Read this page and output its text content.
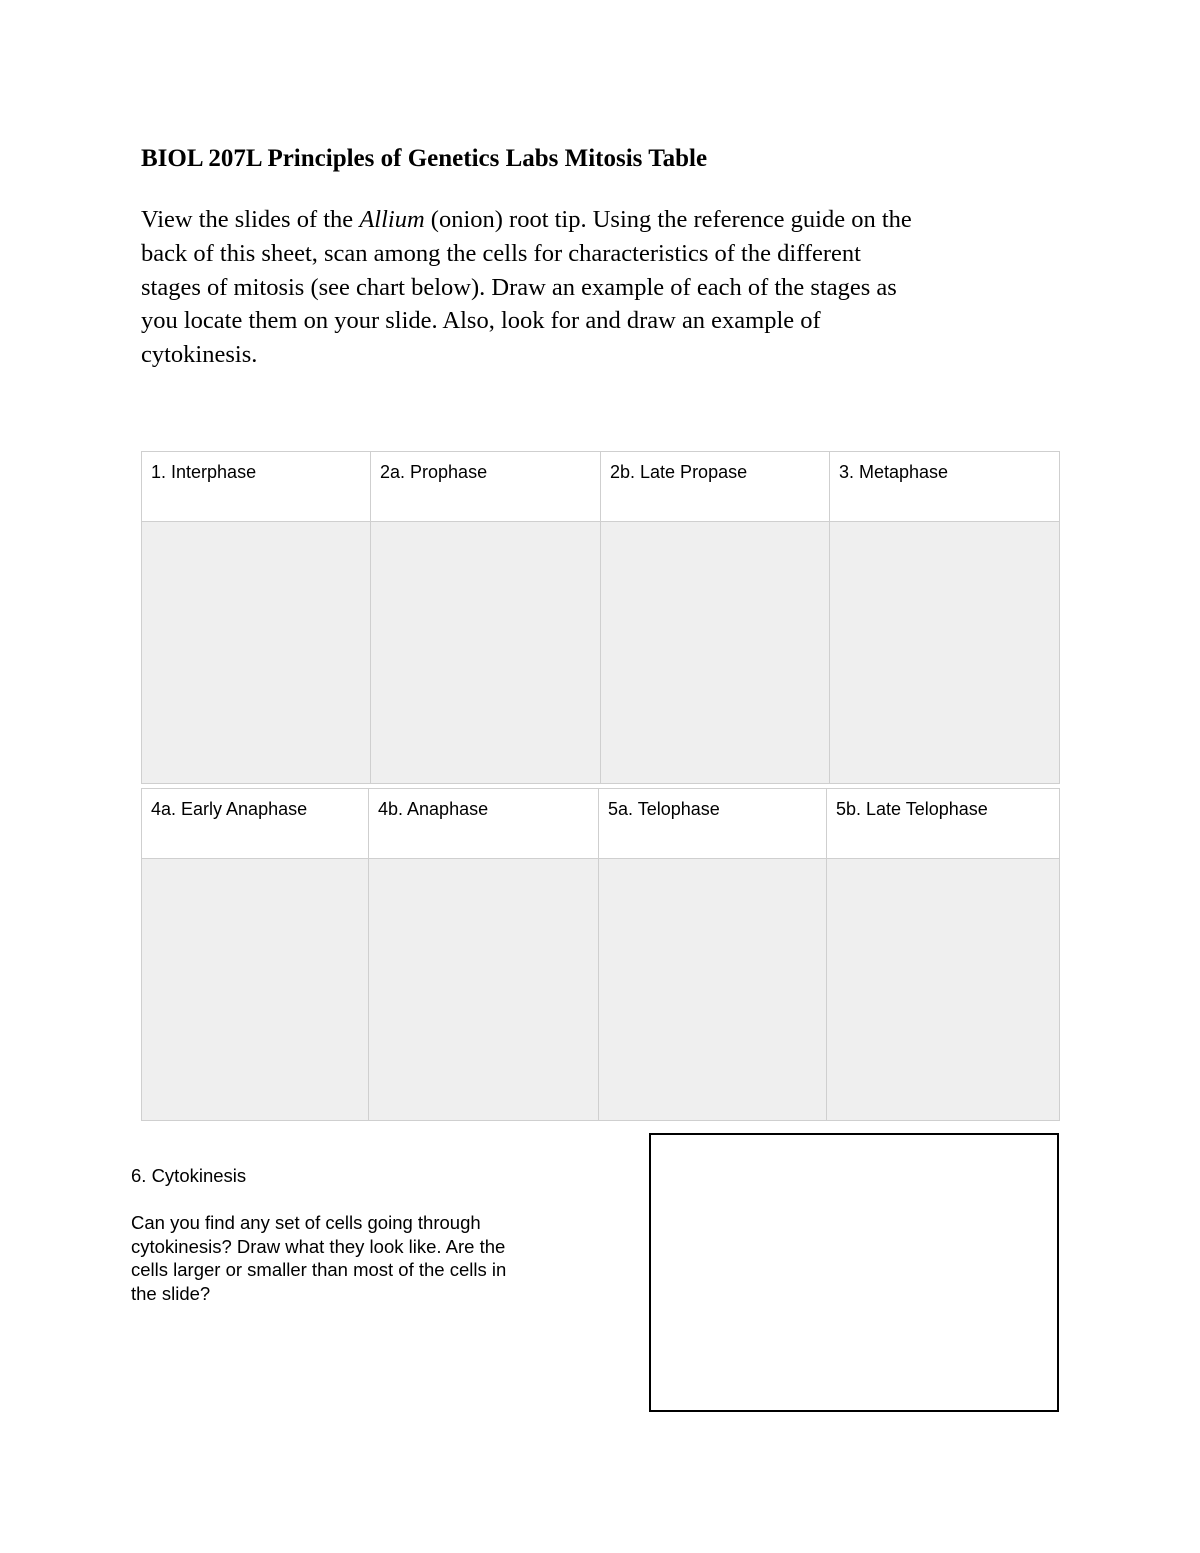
BIOL 207L Principles of Genetics Labs Mitosis Table
View the slides of the Allium (onion) root tip. Using the reference guide on the
back of this sheet, scan among the cells for characteristics of the different
stages of mitosis (see chart below). Draw an example of each of the stages as
you locate them on your slide. Also, look for and draw an example of
cytokinesis.
1. Interphase	2a. Prophase	2b. Late Propase	3. Metaphase

4a. Early Anaphase	4b. Anaphase	5a. Telophase	5b. Late Telophase

6. Cytokinesis
Can you find any set of cells going through
cytokinesis? Draw what they look like. Are the
cells larger or smaller than most of the cells in
the slide?
